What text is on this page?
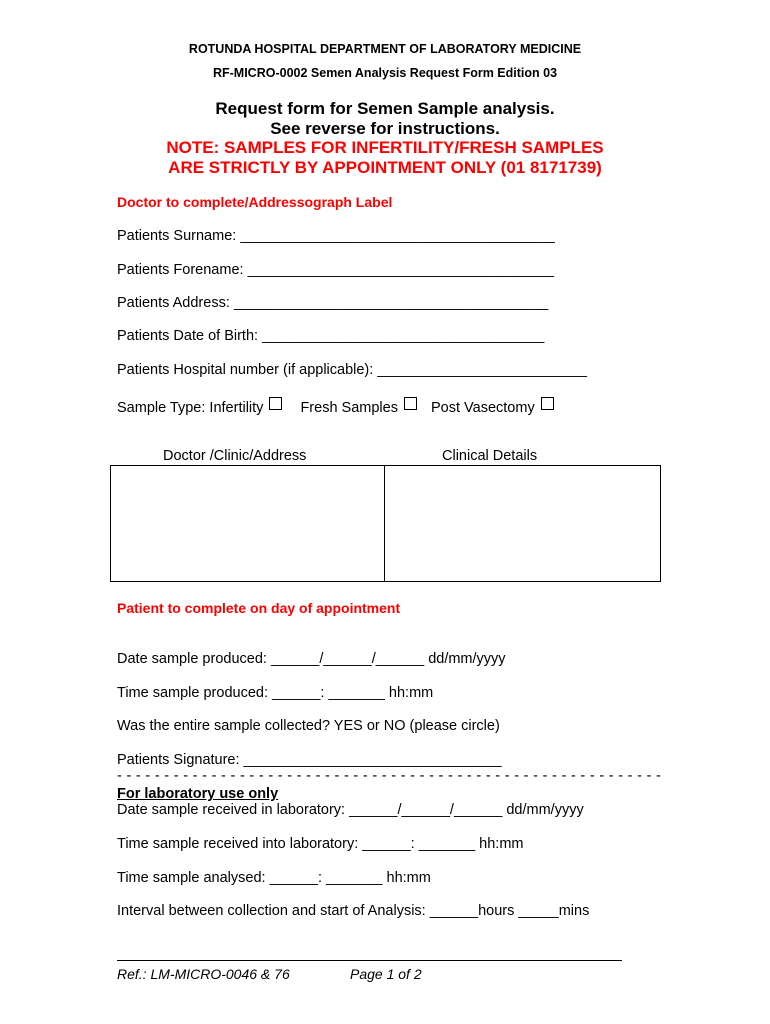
ROTUNDA HOSPITAL DEPARTMENT OF LABORATORY MEDICINE
RF-MICRO-0002 Semen Analysis Request Form Edition 03
Request form for Semen Sample analysis.
See reverse for instructions.
NOTE: SAMPLES FOR INFERTILITY/FRESH SAMPLES
ARE STRICTLY BY APPOINTMENT ONLY (01 8171739)
Doctor to complete/Addressograph Label
Patients Surname: _______________________________________
Patients Forename: ______________________________________
Patients Address: _______________________________________
Patients Date of Birth: ___________________________________
Patients Hospital number (if applicable): __________________________
Sample Type: Infertility	Fresh Samples Post Vasectomy
Doctor /Clinic/Address	Clinical Details
Patient to complete on day of appointment
Date sample produced: ______/______/______ dd/mm/yyyy
Time sample produced: ______: _______ hh:mm
Was the entire sample collected? YES or NO (please circle)
Patients Signature: ________________________________
- - - - - - - - - - - - - - - - - - - - - - - - - - - - - - - - - - - - - - - - - - - - - - - - - - - - - - - - - -
For laboratory use only
Date sample received in laboratory: ______/______/______ dd/mm/yyyy
Time sample received into laboratory: ______: _______ hh:mm
Time sample analysed: ______: _______ hh:mm
Interval between collection and start of Analysis: ______hours _____mins
Ref.: LM-MICRO-0046 & 76	Page 1 of 2
